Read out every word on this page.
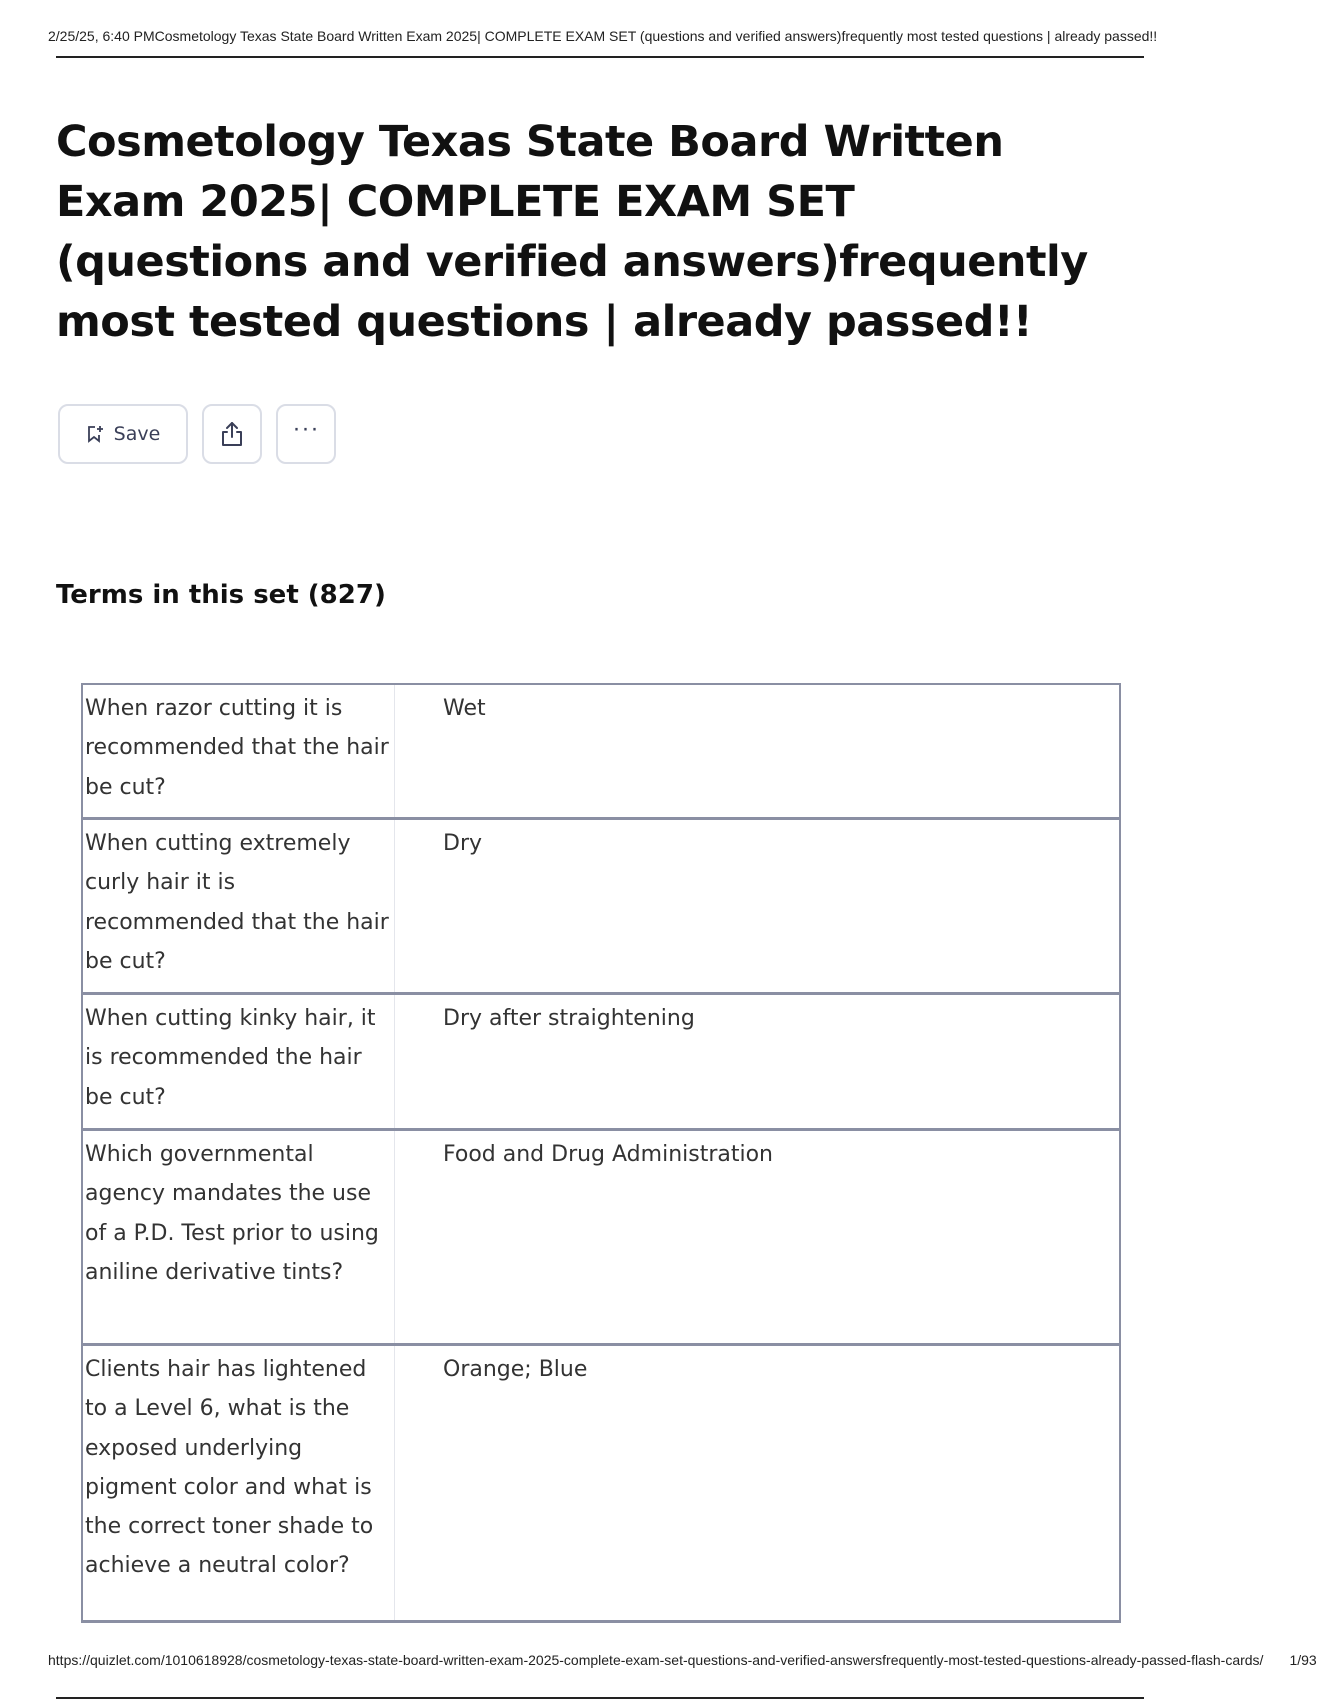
2/25/25, 6:40 PM Cosmetology Texas State Board Written Exam 2025| COMPLETE EXAM SET (questions and verified answers)frequently most tested questions | already passed!!
Cosmetology Texas State Board Written Exam 2025| COMPLETE EXAM SET (questions and verified answers)frequently most tested questions | already passed!!
Save	···
Terms in this set (827)
When razor cutting it is recommended that the hair be cut?
Wet
When cutting extremely curly hair it is recommended that the hair be cut?
Dry
When cutting kinky hair, it is recommended the hair be cut?
Dry after straightening
Which governmental agency mandates the use of a P.D. Test prior to using aniline derivative tints?
Food and Drug Administration
Clients hair has lightened to a Level 6, what is the exposed underlying pigment color and what is the correct toner shade to achieve a neutral color?
Orange; Blue
https://quizlet.com/1010618928/cosmetology-texas-state-board-written-exam-2025-complete-exam-set-questions-and-verified-answersfrequently-most-tested-questions-already-passed-flash-cards/	1/93
